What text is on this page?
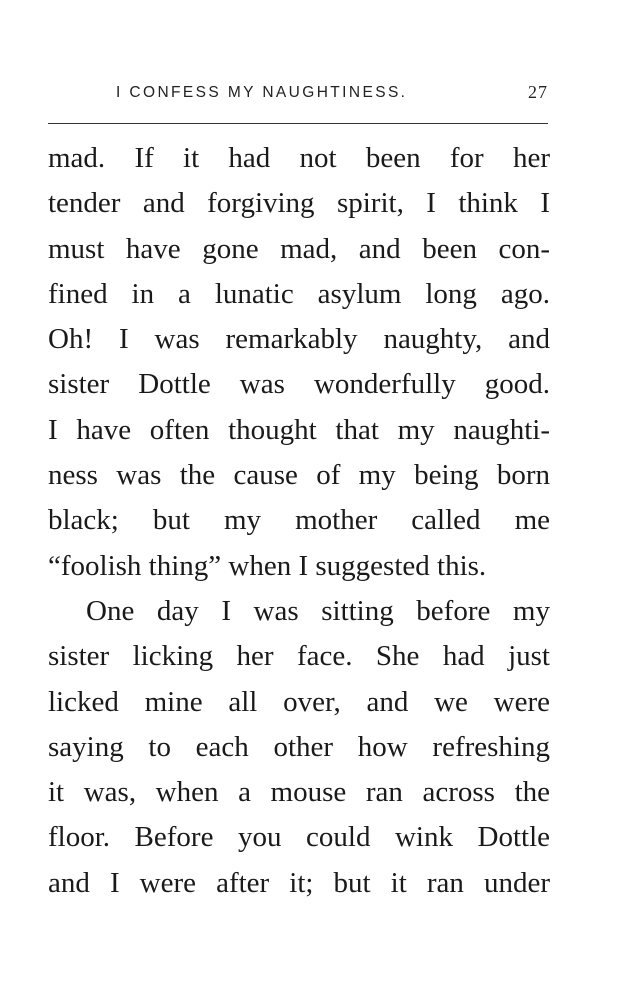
I CONFESS MY NAUGHTINESS.	27
mad. If it had not been for her
tender and forgiving spirit, I think I
must have gone mad, and been con-
fined in a lunatic asylum long ago.
Oh! I was remarkably naughty, and
sister Dottle was wonderfully good.
I have often thought that my naughti-
ness was the cause of my being born
black; but my mother called me
“foolish thing” when I suggested this.
One day I was sitting before my
sister licking her face. She had just
licked mine all over, and we were
saying to each other how refreshing
it was, when a mouse ran across the
floor. Before you could wink Dottle
and I were after it; but it ran under
